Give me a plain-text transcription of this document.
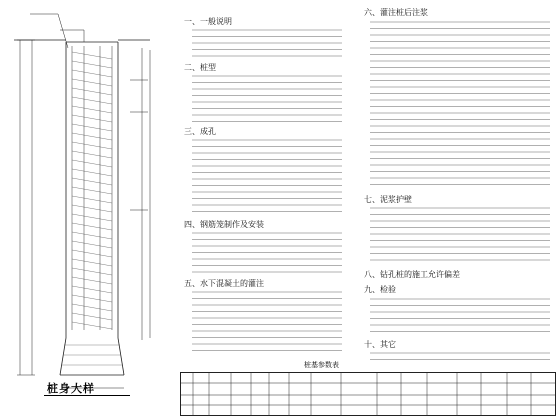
桩身大样
一、一般说明
二、桩型
三、成孔
四、钢筋笼制作及安装
五、水下混凝土的灌注
六、灌注桩后注浆
七、泥浆护壁
八、钻孔桩的施工允许偏差
九、检验
十、其它
桩基参数表
